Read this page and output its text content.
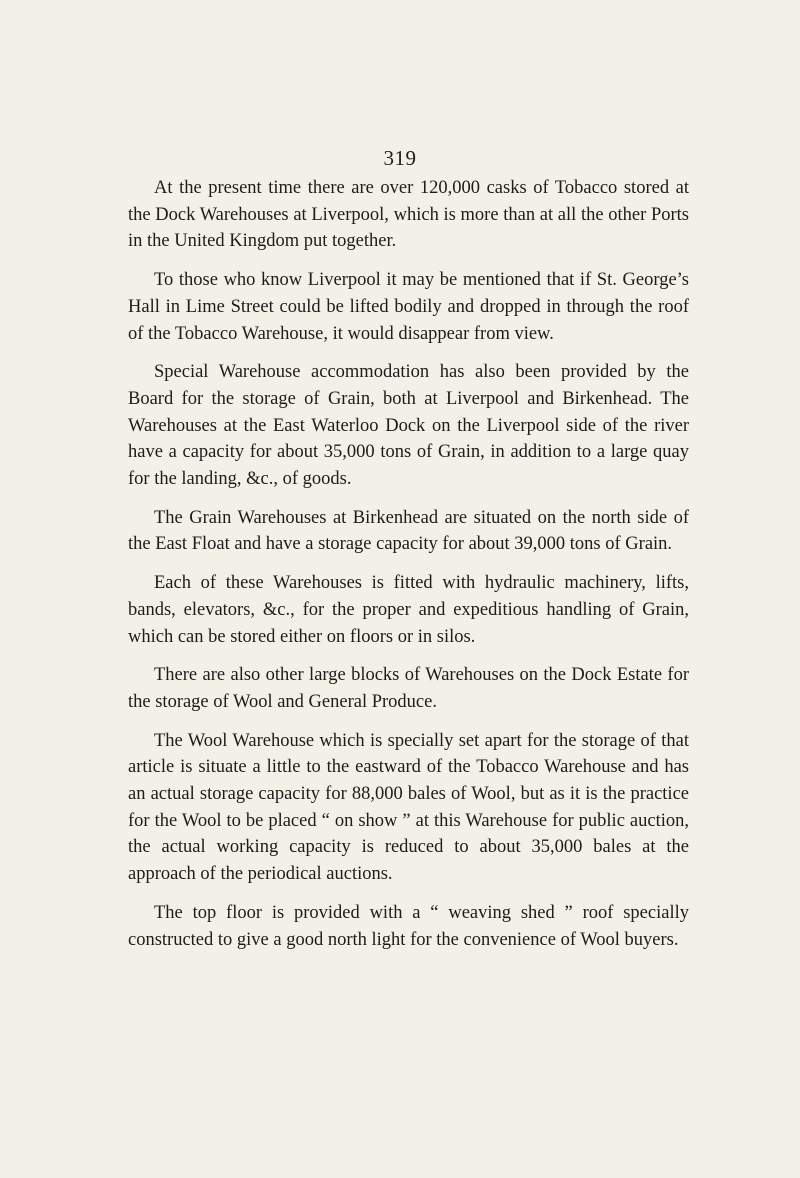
319

At the present time there are over 120,000 casks of Tobacco stored at the Dock Warehouses at Liverpool, which is more than at all the other Ports in the United Kingdom put together.

To those who know Liverpool it may be mentioned that if St. George’s Hall in Lime Street could be lifted bodily and dropped in through the roof of the Tobacco Warehouse, it would disappear from view.

Special Warehouse accommodation has also been provided by the Board for the storage of Grain, both at Liverpool and Birkenhead. The Warehouses at the East Waterloo Dock on the Liverpool side of the river have a capacity for about 35,000 tons of Grain, in addition to a large quay for the landing, &c., of goods.

The Grain Warehouses at Birkenhead are situated on the north side of the East Float and have a storage capacity for about 39,000 tons of Grain.

Each of these Warehouses is fitted with hydraulic machinery, lifts, bands, elevators, &c., for the proper and expeditious handling of Grain, which can be stored either on floors or in silos.

There are also other large blocks of Warehouses on the Dock Estate for the storage of Wool and General Produce.

The Wool Warehouse which is specially set apart for the storage of that article is situate a little to the eastward of the Tobacco Warehouse and has an actual storage capacity for 88,000 bales of Wool, but as it is the practice for the Wool to be placed “ on show ” at this Warehouse for public auction, the actual working capacity is reduced to about 35,000 bales at the approach of the periodical auctions.

The top floor is provided with a “ weaving shed ” roof specially constructed to give a good north light for the convenience of Wool buyers.
